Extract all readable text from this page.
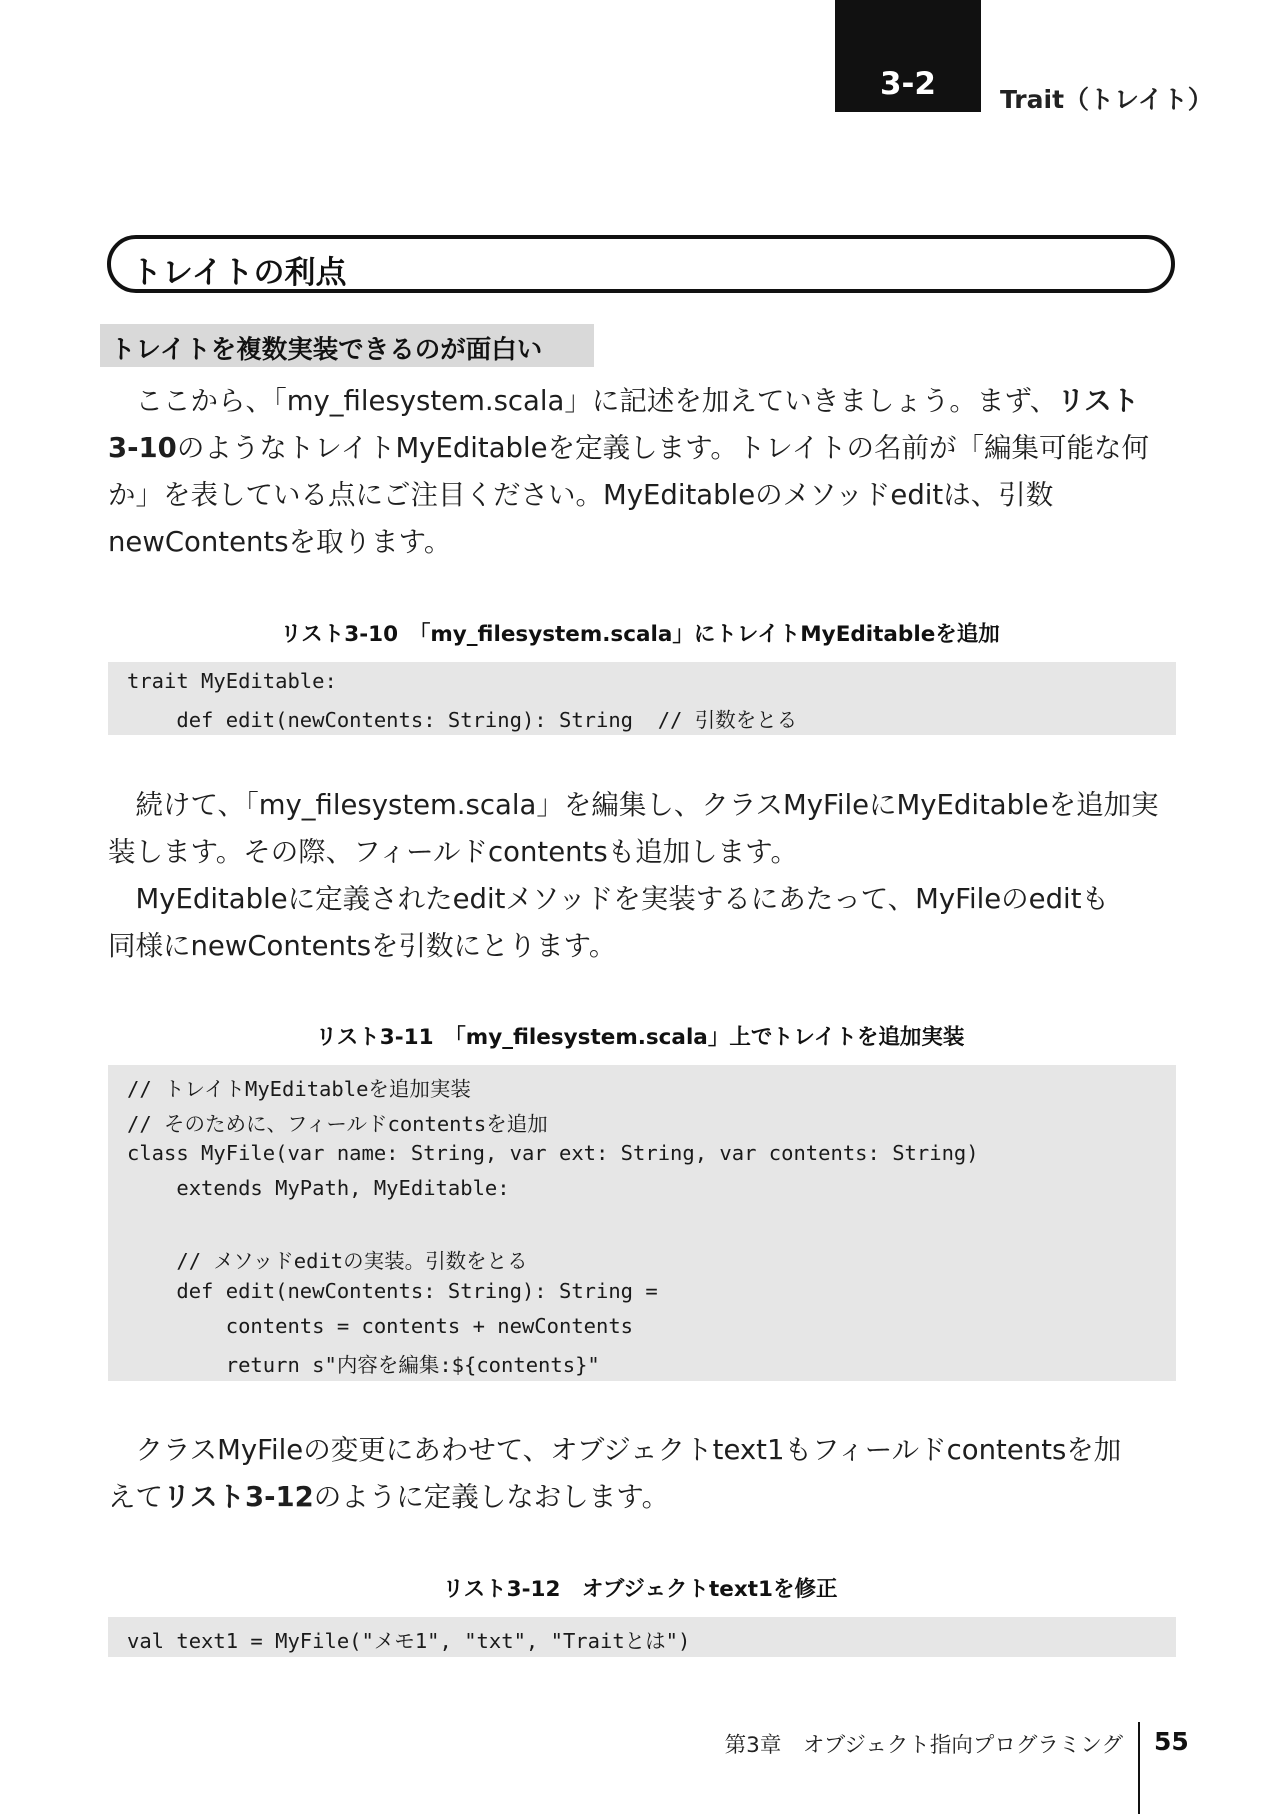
3-2	Trait（トレイト）
トレイトの利点
トレイトを複数実装できるのが面白い
　ここから、「my_filesystem.scala」に記述を加えていきましょう。まず、リスト
3-10のようなトレイトMyEditableを定義します。トレイトの名前が「編集可能な何
か」を表している点にご注目ください。MyEditableのメソッドeditは、引数
newContentsを取ります。
リスト3-10　「my_filesystem.scala」にトレイトMyEditableを追加
trait MyEditable:
def edit(newContents: String): String  // 引数をとる
　続けて、「my_filesystem.scala」を編集し、クラスMyFileにMyEditableを追加実
装します。その際、フィールドcontentsも追加します。
　MyEditableに定義されたeditメソッドを実装するにあたって、MyFileのeditも
同様にnewContentsを引数にとります。
リスト3-11　「my_filesystem.scala」上でトレイトを追加実装
// トレイトMyEditableを追加実装
// そのために、フィールドcontentsを追加
class MyFile(var name: String, var ext: String, var contents: String)
extends MyPath, MyEditable:
// メソッドeditの実装。引数をとる
def edit(newContents: String): String =
contents = contents + newContents
return s"内容を編集:${contents}"
　クラスMyFileの変更にあわせて、オブジェクトtext1もフィールドcontentsを加
えてリスト3-12のように定義しなおします。
リスト3-12　オブジェクトtext1を修正
val text1 = MyFile("メモ1", "txt", "Traitとは")
第3章　オブジェクト指向プログラミング 55
